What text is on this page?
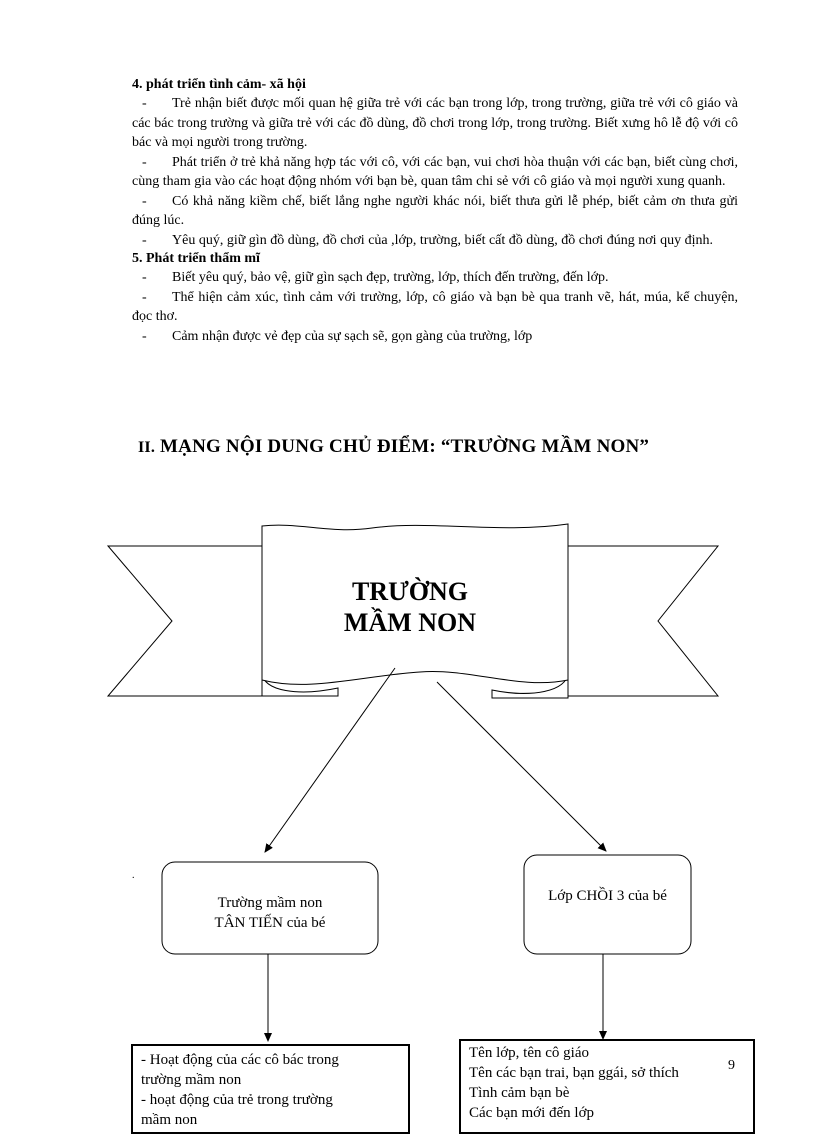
4. phát triển tình cảm- xã hội

- Trẻ nhận biết được mối quan hệ giữa trẻ với các bạn trong lớp, trong trường, giữa trẻ với cô giáo và các bác trong trường và giữa trẻ với các đồ dùng, đồ chơi trong lớp, trong trường. Biết xưng hô lễ độ với cô bác và mọi người trong trường.

- Phát triển ở trẻ khả năng hợp tác với cô, với các bạn, vui chơi hòa thuận với các bạn, biết cùng chơi, cùng tham gia vào các hoạt động nhóm với bạn bè, quan tâm chi sẻ với cô giáo và mọi người xung quanh.

- Có khả năng kiềm chế, biết lắng nghe người khác nói, biết thưa gửi lễ phép, biết cảm ơn thưa gửi đúng lúc.

- Yêu quý, giữ gìn đồ dùng, đồ chơi của ,lớp, trường, biết cất đồ dùng, đồ chơi đúng nơi quy định.

5. Phát triển thẩm mĩ

- Biết yêu quý, bảo vệ, giữ gìn sạch đẹp, trường, lớp, thích đến trường, đến lớp.

- Thể hiện cảm xúc, tình cảm với trường, lớp, cô giáo và bạn bè qua tranh vẽ, hát, múa, kể chuyện, đọc thơ.

- Cảm nhận được vẻ đẹp của sự sạch sẽ, gọn gàng của trường, lớp

II. MẠNG NỘI DUNG CHỦ ĐIỂM: “TRƯỜNG MẦM NON”
TRƯỜNG
MẦM NON
Trường mầm non
TÂN TIẾN của bé
Lớp CHỒI 3 của bé
- Hoạt động của các cô bác trong
trường mầm non
- hoạt động của trẻ trong trường
mầm non
Tên lớp, tên cô giáo
Tên các bạn trai, bạn ggái, sở thích
Tình cảm bạn bè
Các bạn mới đến lớp
9
.
